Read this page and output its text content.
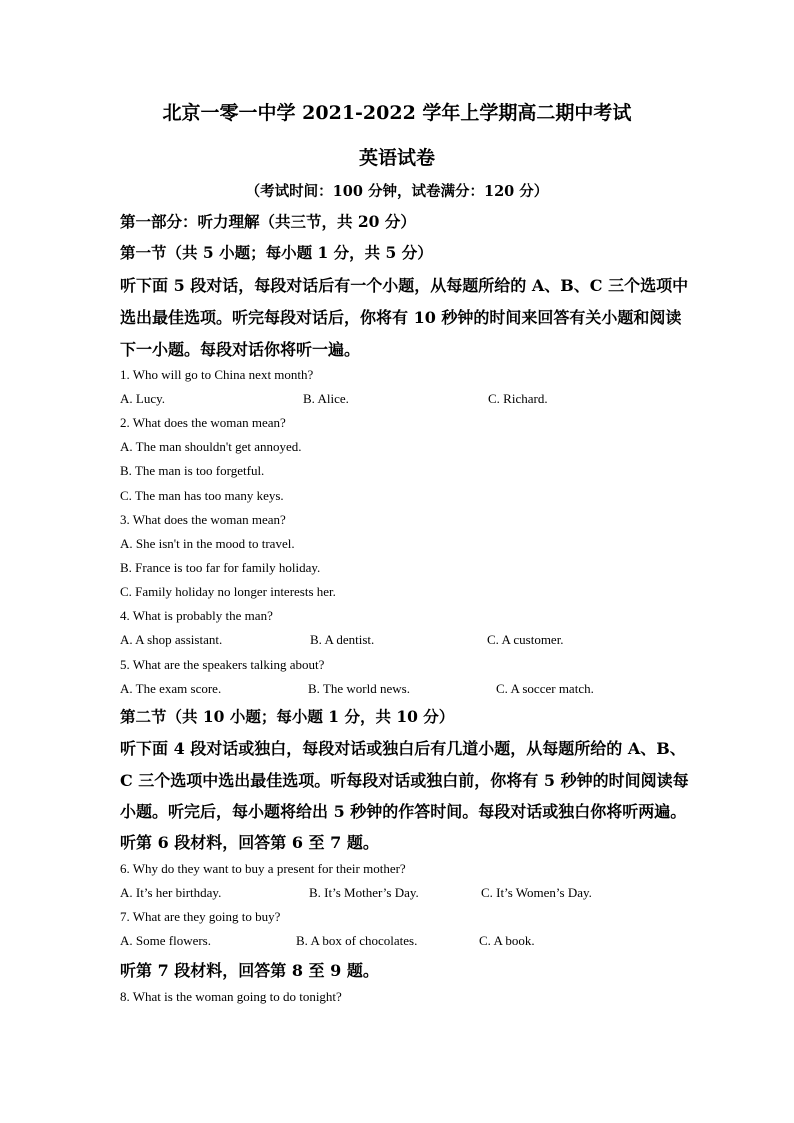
北京一零一中学 2021-2022 学年上学期高二期中考试
英语试卷
（考试时间：100 分钟，试卷满分：120 分）
第一部分：听力理解（共三节，共 20 分）
第一节（共 5 小题；每小题 1 分，共 5 分）
听下面 5 段对话，每段对话后有一个小题，从每题所给的 A、B、C 三个选项中
选出最佳选项。听完每段对话后，你将有 10 秒钟的时间来回答有关小题和阅读
下一小题。每段对话你将听一遍。
1. Who will go to China next month?
A. Lucy.	B. Alice.	C. Richard.
2. What does the woman mean?
A. The man shouldn't get annoyed.
B. The man is too forgetful.
C. The man has too many keys.
3. What does the woman mean?
A. She isn't in the mood to travel.
B. France is too far for family holiday.
C. Family holiday no longer interests her.
4. What is probably the man?
A. A shop assistant.	B. A dentist.	C. A customer.
5. What are the speakers talking about?
A. The exam score.	B. The world news.	C. A soccer match.
第二节（共 10 小题；每小题 1 分，共 10 分）
听下面 4 段对话或独白，每段对话或独白后有几道小题，从每题所给的 A、B、
C 三个选项中选出最佳选项。听每段对话或独白前，你将有 5 秒钟的时间阅读每
小题。听完后，每小题将给出 5 秒钟的作答时间。每段对话或独白你将听两遍。
听第 6 段材料，回答第 6 至 7 题。
6. Why do they want to buy a present for their mother?
A. It’s her birthday.	B. It’s Mother’s Day.	C. It’s Women’s Day.
7. What are they going to buy?
A. Some flowers.	B. A box of chocolates.	C. A book.
听第 7 段材料，回答第 8 至 9 题。
8. What is the woman going to do tonight?
